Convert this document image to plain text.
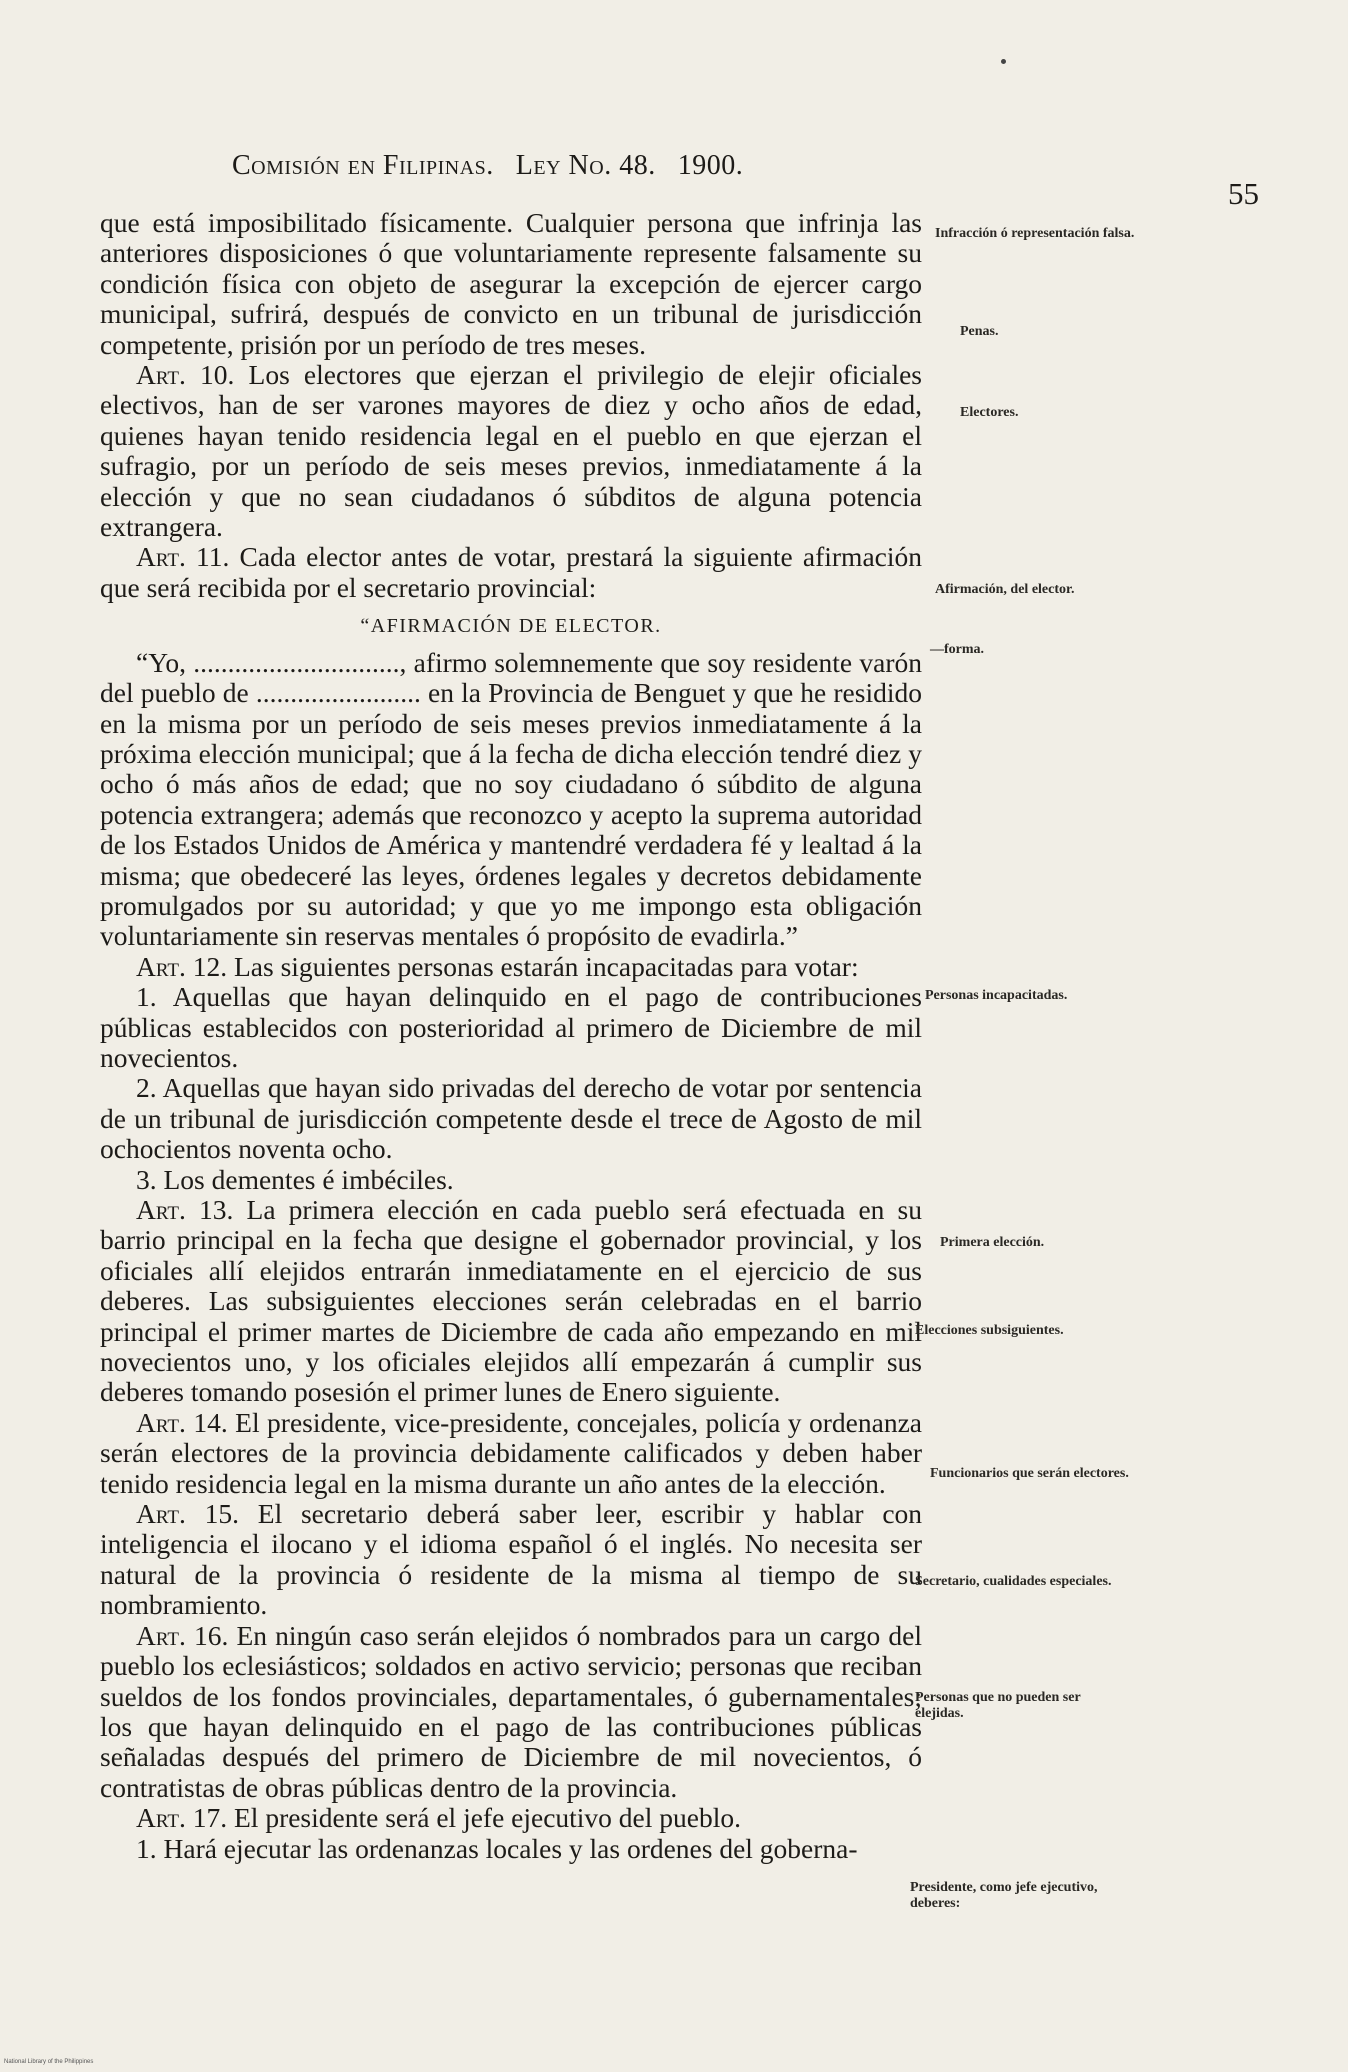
Comisión en Filipinas. Ley No. 48. 1900.
55

que está imposibilitado físicamente. Cualquier persona que infrinja las anteriores disposiciones ó que voluntariamente represente falsamente su condición física con objeto de asegurar la excepción de ejercer cargo municipal, sufrirá, después de convicto en un tribunal de jurisdicción competente, prisión por un período de tres meses.

Art. 10. Los electores que ejerzan el privilegio de elejir oficiales electivos, han de ser varones mayores de diez y ocho años de edad, quienes hayan tenido residencia legal en el pueblo en que ejerzan el sufragio, por un período de seis meses previos, inmediatamente á la elección y que no sean ciudadanos ó súbditos de alguna potencia extrangera.

Art. 11. Cada elector antes de votar, prestará la siguiente afirmación que será recibida por el secretario provincial:

“AFIRMACIÓN DE ELECTOR.

“Yo, .............................., afirmo solemnemente que soy residente varón del pueblo de ........................ en la Provincia de Benguet y que he residido en la misma por un período de seis meses previos inmediatamente á la próxima elección municipal; que á la fecha de dicha elección tendré diez y ocho ó más años de edad; que no soy ciudadano ó súbdito de alguna potencia extrangera; además que reconozco y acepto la suprema autoridad de los Estados Unidos de América y mantendré verdadera fé y lealtad á la misma; que obedeceré las leyes, órdenes legales y decretos debidamente promulgados por su autoridad; y que yo me impongo esta obligación voluntariamente sin reservas mentales ó propósito de evadirla.”

Art. 12. Las siguientes personas estarán incapacitadas para votar:

1. Aquellas que hayan delinquido en el pago de contribuciones públicas establecidos con posterioridad al primero de Diciembre de mil novecientos.

2. Aquellas que hayan sido privadas del derecho de votar por sentencia de un tribunal de jurisdicción competente desde el trece de Agosto de mil ochocientos noventa ocho.

3. Los dementes é imbéciles.

Art. 13. La primera elección en cada pueblo será efectuada en su barrio principal en la fecha que designe el gobernador provincial, y los oficiales allí elejidos entrarán inmediatamente en el ejercicio de sus deberes. Las subsiguientes elecciones serán celebradas en el barrio principal el primer martes de Diciembre de cada año empezando en mil novecientos uno, y los oficiales elejidos allí empezarán á cumplir sus deberes tomando posesión el primer lunes de Enero siguiente.

Art. 14. El presidente, vice-presidente, concejales, policía y ordenanza serán electores de la provincia debidamente calificados y deben haber tenido residencia legal en la misma durante un año antes de la elección.

Art. 15. El secretario deberá saber leer, escribir y hablar con inteligencia el ilocano y el idioma español ó el inglés. No necesita ser natural de la provincia ó residente de la misma al tiempo de su nombramiento.

Art. 16. En ningún caso serán elejidos ó nombrados para un cargo del pueblo los eclesiásticos; soldados en activo servicio; personas que reciban sueldos de los fondos provinciales, departamentales, ó gubernamentales; los que hayan delinquido en el pago de las contribuciones públicas señaladas después del primero de Diciembre de mil novecientos, ó contratistas de obras públicas dentro de la provincia.

Art. 17. El presidente será el jefe ejecutivo del pueblo.

1. Hará ejecutar las ordenanzas locales y las ordenes del goberna-

Infracción ó representación falsa.
Penas.
Electores.
Afirmación, del elector.
—forma.
Personas incapacitadas.
Primera elección.
Elecciones subsiguientes.
Funcionarios que serán electores.
Secretario, cualidades especiales.
Personas que no pueden ser elejidas.
Presidente, como jefe ejecutivo, deberes:
National Library of the Philippines
